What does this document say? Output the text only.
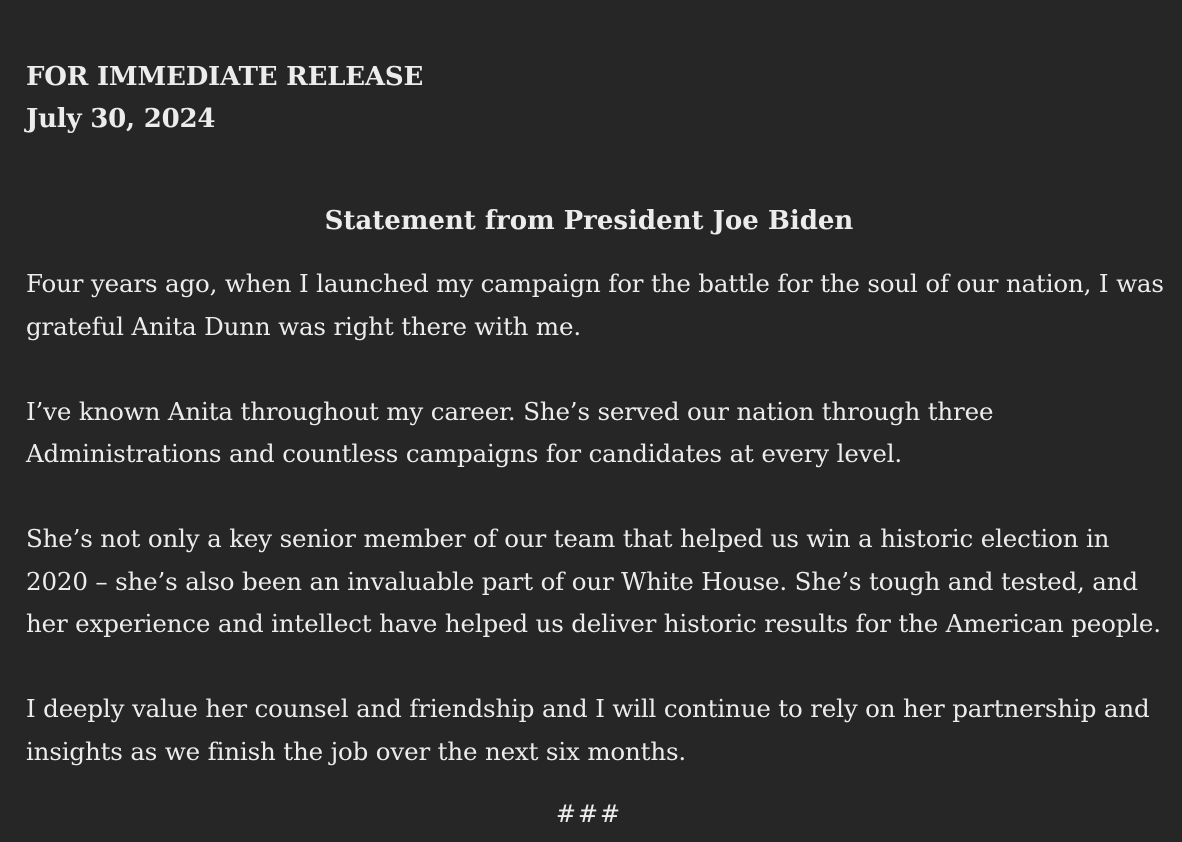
FOR IMMEDIATE RELEASE
July 30, 2024
Statement from President Joe Biden

Four years ago, when I launched my campaign for the battle for the soul of our nation, I was grateful Anita Dunn was right there with me.

I’ve known Anita throughout my career. She’s served our nation through three Administrations and countless campaigns for candidates at every level.

She’s not only a key senior member of our team that helped us win a historic election in 2020 – she’s also been an invaluable part of our White House. She’s tough and tested, and her experience and intellect have helped us deliver historic results for the American people.

I deeply value her counsel and friendship and I will continue to rely on her partnership and insights as we finish the job over the next six months.

###
